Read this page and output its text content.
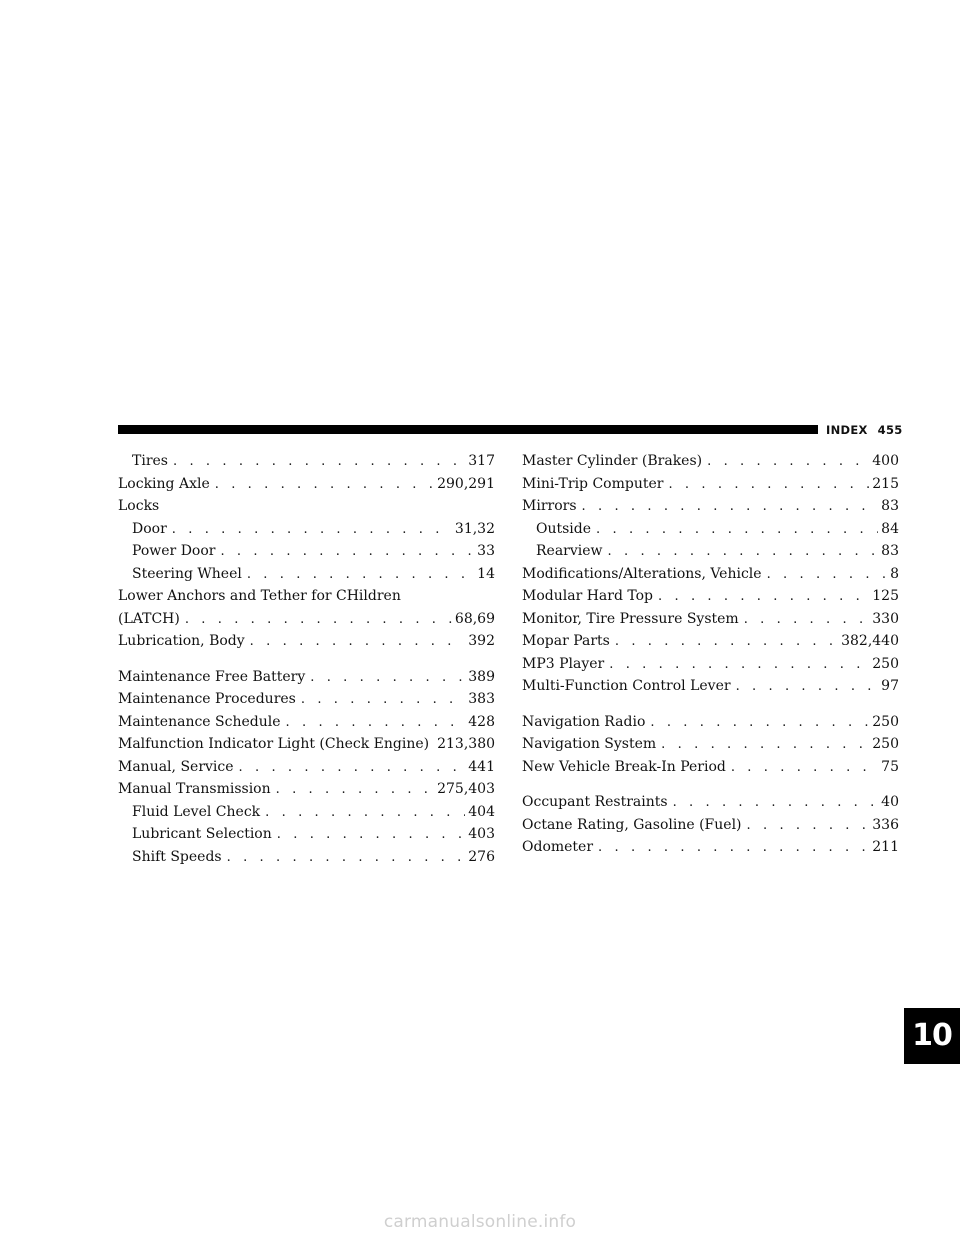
INDEX 455
Tires . . .	317
Locking Axle . . .	290,291
Locks
Door . . .	31,32
Power Door . . .	33
Steering Wheel . . .	14
Lower Anchors and Tether for CHildren
(LATCH) . . .	68,69
Lubrication, Body . . .	392
Maintenance Free Battery . . .	389
Maintenance Procedures . . .	383
Maintenance Schedule . . .	428
Malfunction Indicator Light (Check Engine) 213,380
Manual, Service . . .	441
Manual Transmission . . .	275,403
Fluid Level Check . . .	404
Lubricant Selection . . .	403
Shift Speeds . . .	276
Master Cylinder (Brakes) . . .	400
Mini-Trip Computer . . .	215
Mirrors . . .	83
Outside . . .	84
Rearview . . .	83
Modifications/Alterations, Vehicle . . .	8
Modular Hard Top . . .	125
Monitor, Tire Pressure System . . .	330
Mopar Parts . . .	382,440
MP3 Player . . .	250
Multi-Function Control Lever . . .	97
Navigation Radio . . .	250
Navigation System . . .	250
New Vehicle Break-In Period . . .	75
Occupant Restraints . . .	40
Octane Rating, Gasoline (Fuel) . . .	336
Odometer . . .	211
10
carmanualsonline.info
